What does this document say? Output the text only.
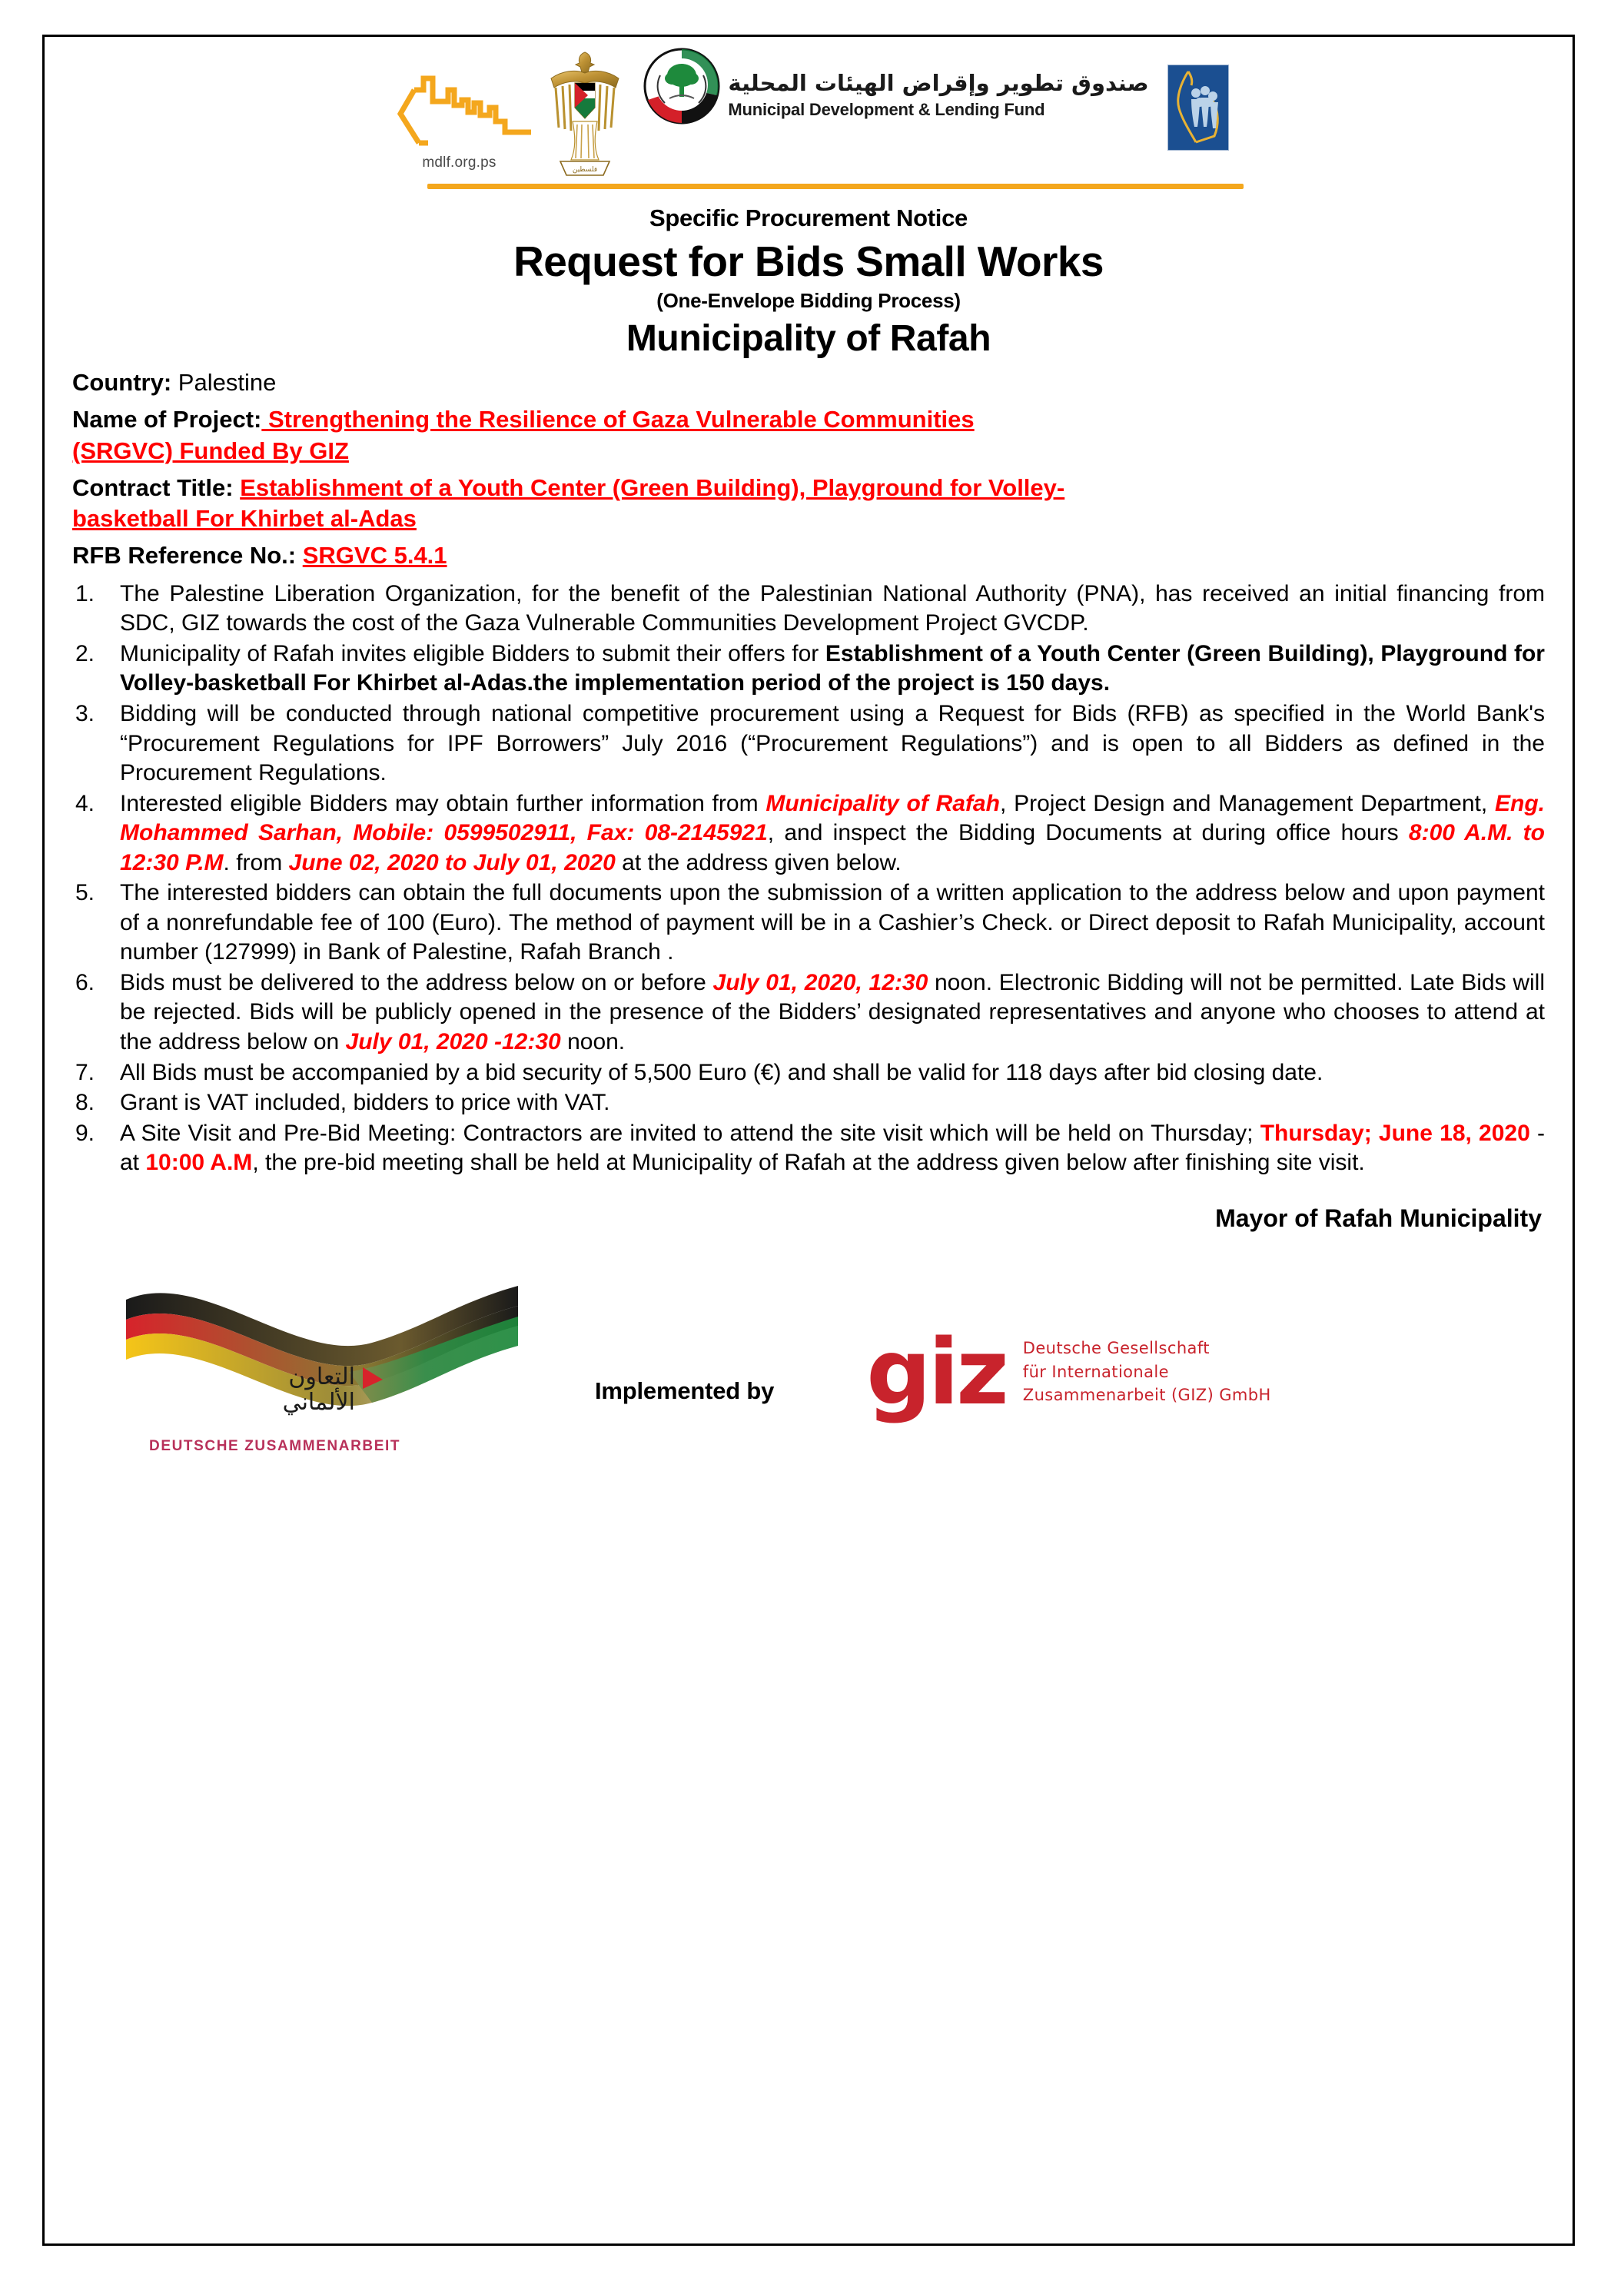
mdlf.org.ps	فلسطين
صندوق تطوير وإقراض الهيئات المحلية
Municipal Development & Lending Fund
Specific Procurement Notice
Request for Bids Small Works
(One-Envelope Bidding Process)
Municipality of Rafah
Country: Palestine
Name of Project: Strengthening the Resilience of Gaza Vulnerable Communities
(SRGVC) Funded By GIZ
Contract Title: Establishment of a Youth Center (Green Building), Playground for Volley-
basketball For Khirbet al-Adas
RFB Reference No.: SRGVC 5.4.1
1.	The Palestine Liberation Organization, for the benefit of the Palestinian National Authority (PNA), has received an initial financing from SDC, GIZ towards the cost of the Gaza Vulnerable Communities Development Project GVCDP.
2.	Municipality of Rafah invites eligible Bidders to submit their offers for Establishment of a Youth Center (Green Building), Playground for Volley-basketball For Khirbet al-Adas.the implementation period of the project is 150 days.
3.	Bidding will be conducted through national competitive procurement using a Request for Bids (RFB) as specified in the World Bank's “Procurement Regulations for IPF Borrowers” July 2016 (“Procurement Regulations”) and is open to all Bidders as defined in the Procurement Regulations.
4.	Interested eligible Bidders may obtain further information from Municipality of Rafah, Project Design and Management Department, Eng. Mohammed Sarhan, Mobile: 0599502911, Fax: 08-2145921, and inspect the Bidding Documents at during office hours 8:00 A.M. to 12:30 P.M. from June 02, 2020 to July 01, 2020 at the address given below.
5.	The interested bidders can obtain the full documents upon the submission of a written application to the address below and upon payment of a nonrefundable fee of 100 (Euro). The method of payment will be in a Cashier’s Check. or Direct deposit to Rafah Municipality, account number (127999) in Bank of Palestine, Rafah Branch .
6.	Bids must be delivered to the address below on or before July 01, 2020, 12:30 noon. Electronic Bidding will not be permitted. Late Bids will be rejected. Bids will be publicly opened in the presence of the Bidders’ designated representatives and anyone who chooses to attend at the address below on July 01, 2020 -12:30 noon.
7.	All Bids must be accompanied by a bid security of 5,500 Euro (€) and shall be valid for 118 days after bid closing date.
8.	Grant is VAT included, bidders to price with VAT.
9.	A Site Visit and Pre-Bid Meeting: Contractors are invited to attend the site visit which will be held on Thursday; Thursday; June 18, 2020 - at 10:00 A.M, the pre-bid meeting shall be held at Municipality of Rafah at the address given below after finishing site visit.
Mayor of Rafah Municipality
التعاون
الألماني
DEUTSCHE ZUSAMMENARBEIT
Implemented by giz Deutsche Gesellschaft
für Internationale
Zusammenarbeit (GIZ) GmbH
